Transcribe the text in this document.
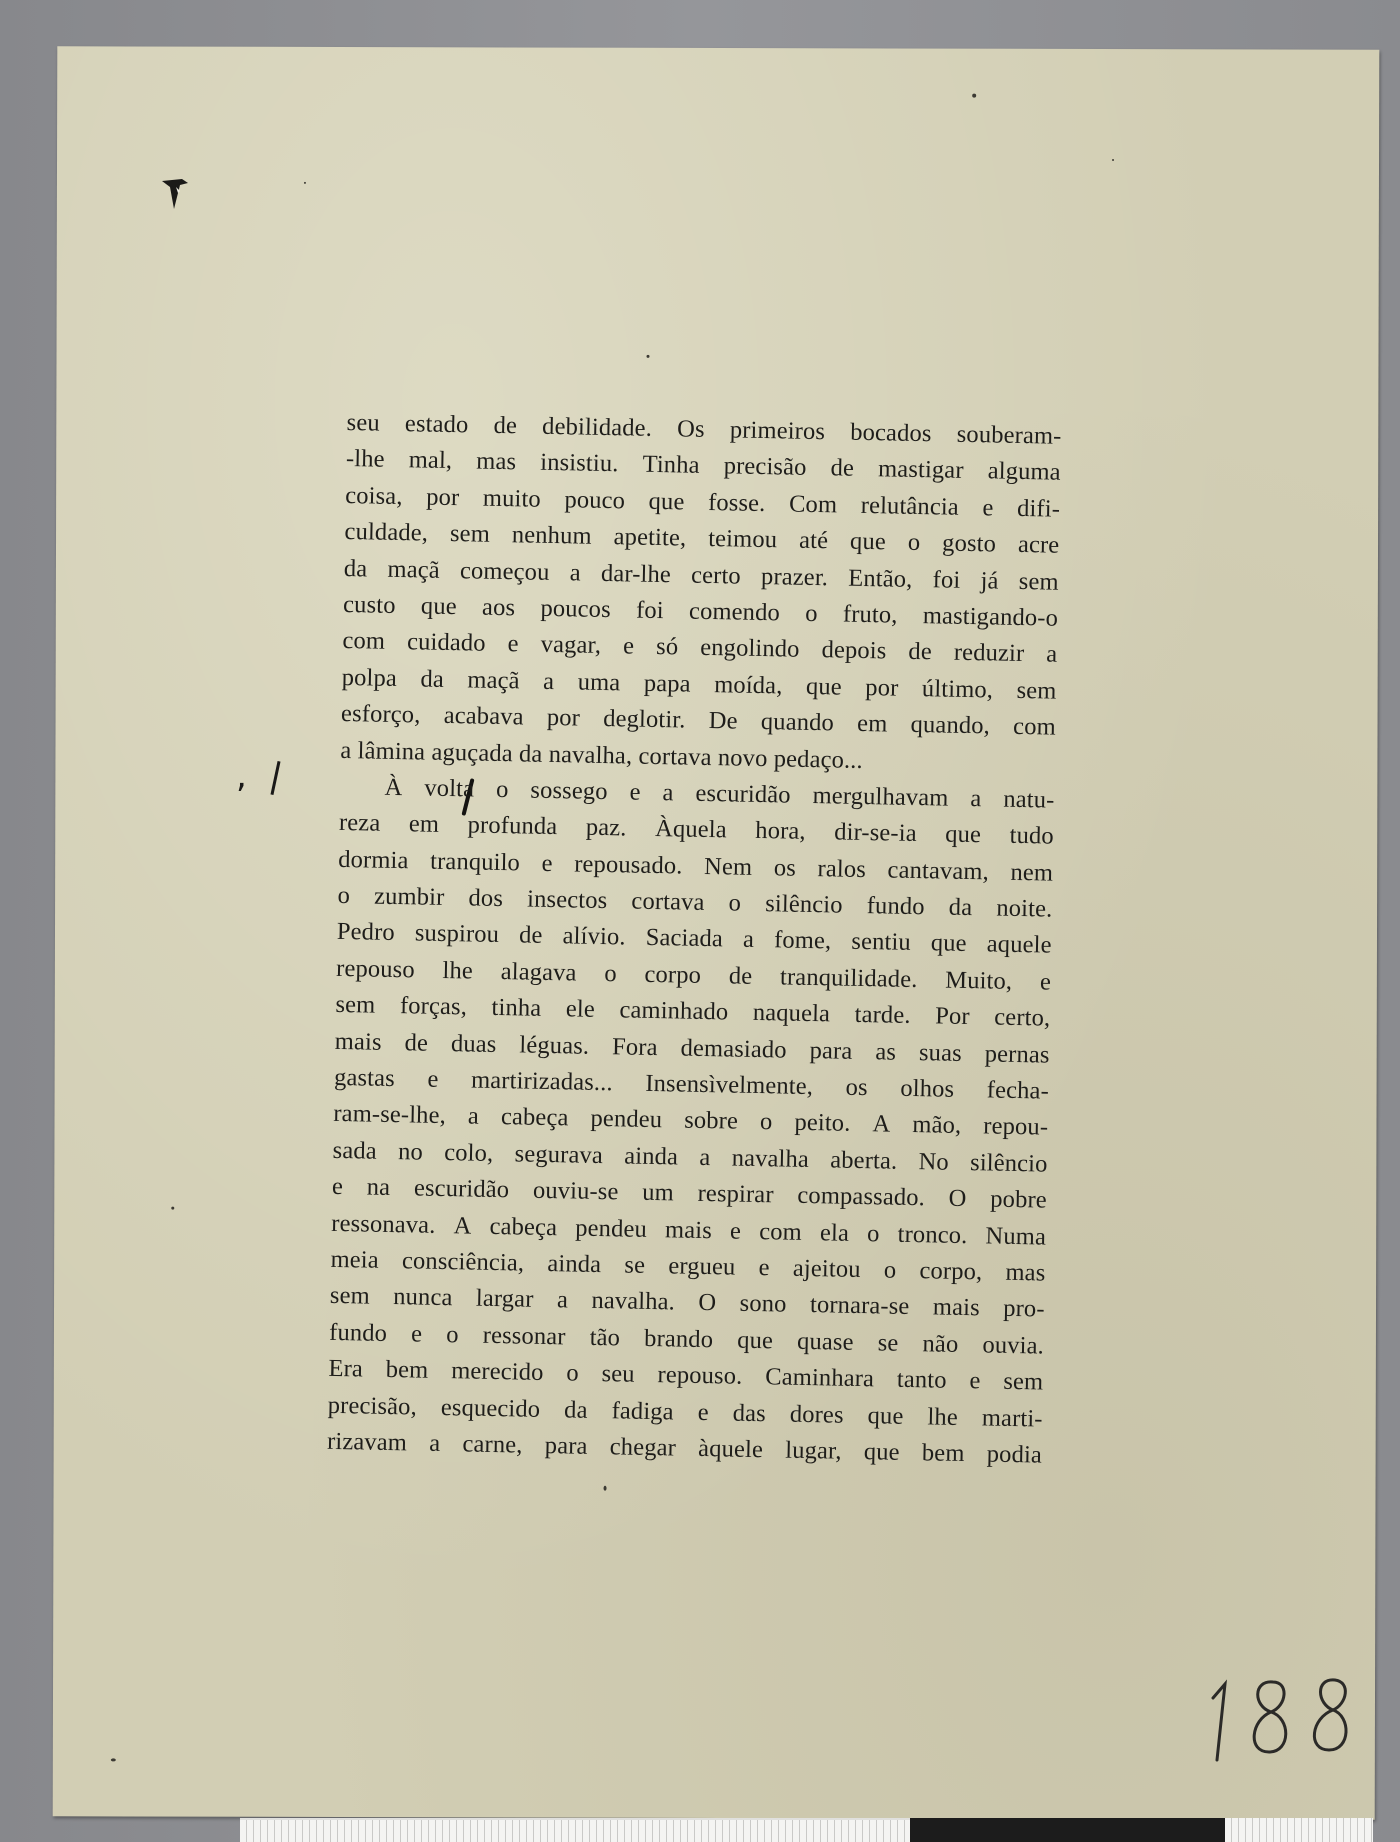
,
seu estado de debilidade. Os primeiros bocados souberam-
-lhe mal, mas insistiu. Tinha precisão de mastigar alguma
coisa, por muito pouco que fosse. Com relutância e difi-
culdade, sem nenhum apetite, teimou até que o gosto acre
da maçã começou a dar-lhe certo prazer. Então, foi já sem
custo que aos poucos foi comendo o fruto, mastigando-o
com cuidado e vagar, e só engolindo depois de reduzir a
polpa da maçã a uma papa moída, que por último, sem
esforço, acabava por deglotir. De quando em quando, com
a lâmina aguçada da navalha, cortava novo pedaço...
À volta o sossego e a escuridão mergulhavam a natu-
reza em profunda paz. Àquela hora, dir-se-ia que tudo
dormia tranquilo e repousado. Nem os ralos cantavam, nem
o zumbir dos insectos cortava o silêncio fundo da noite.
Pedro suspirou de alívio. Saciada a fome, sentiu que aquele
repouso lhe alagava o corpo de tranquilidade. Muito, e
sem forças, tinha ele caminhado naquela tarde. Por certo,
mais de duas léguas. Fora demasiado para as suas pernas
gastas e martirizadas... Insensìvelmente, os olhos fecha-
ram-se-lhe, a cabeça pendeu sobre o peito. A mão, repou-
sada no colo, segurava ainda a navalha aberta. No silêncio
e na escuridão ouviu-se um respirar compassado. O pobre
ressonava. A cabeça pendeu mais e com ela o tronco. Numa
meia consciência, ainda se ergueu e ajeitou o corpo, mas
sem nunca largar a navalha. O sono tornara-se mais pro-
fundo e o ressonar tão brando que quase se não ouvia.
Era bem merecido o seu repouso. Caminhara tanto e sem
precisão, esquecido da fadiga e das dores que lhe marti-
rizavam a carne, para chegar àquele lugar, que bem podia
